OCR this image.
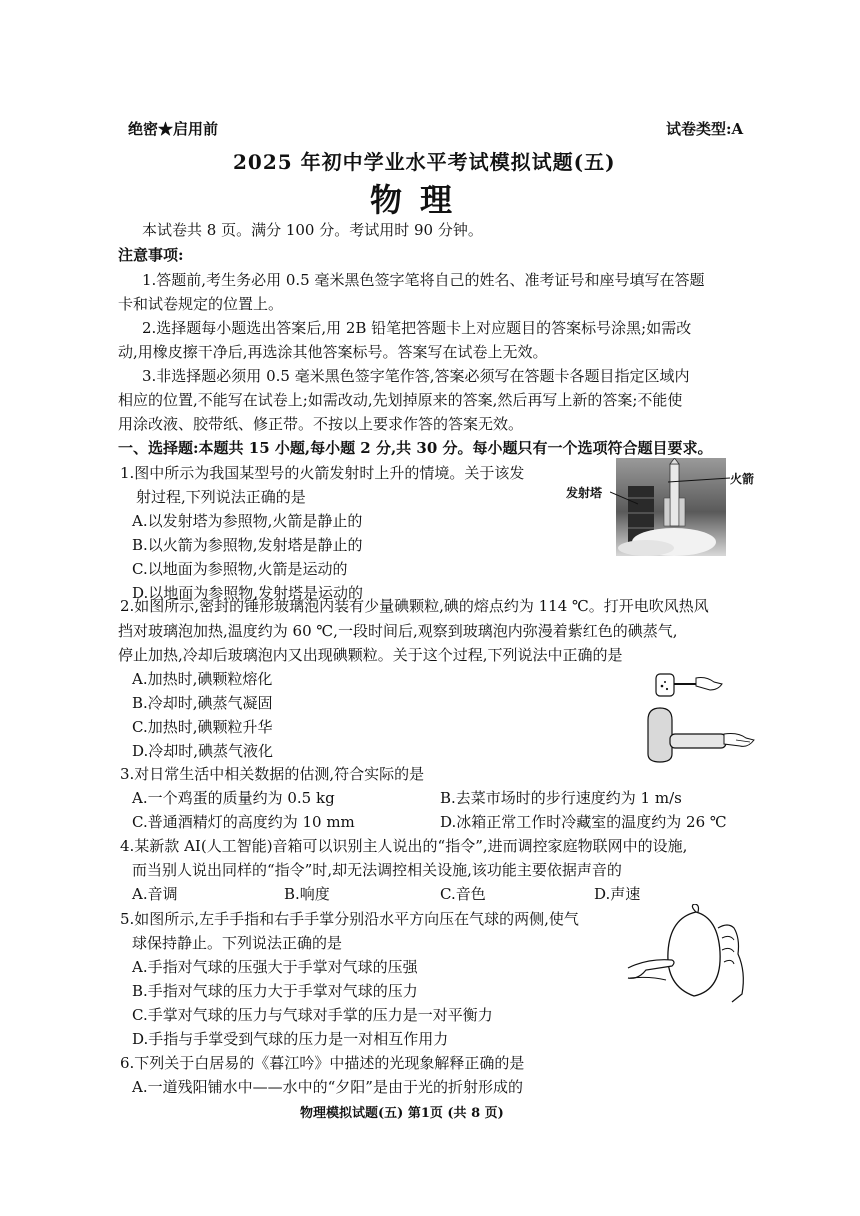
绝密★启用前	试卷类型:A
2025 年初中学业水平考试模拟试题(五)
物理
本试卷共 8 页。满分 100 分。考试用时 90 分钟。
注意事项:
1.答题前,考生务必用 0.5 毫米黑色签字笔将自己的姓名、准考证号和座号填写在答题
卡和试卷规定的位置上。
2.选择题每小题选出答案后,用 2B 铅笔把答题卡上对应题目的答案标号涂黑;如需改
动,用橡皮擦干净后,再选涂其他答案标号。答案写在试卷上无效。
3.非选择题必须用 0.5 毫米黑色签字笔作答,答案必须写在答题卡各题目指定区域内
相应的位置,不能写在试卷上;如需改动,先划掉原来的答案,然后再写上新的答案;不能使
用涂改液、胶带纸、修正带。不按以上要求作答的答案无效。
一、选择题:本题共 15 小题,每小题 2 分,共 30 分。每小题只有一个选项符合题目要求。
1.图中所示为我国某型号的火箭发射时上升的情境。关于该发
射过程,下列说法正确的是
A.以发射塔为参照物,火箭是静止的
B.以火箭为参照物,发射塔是静止的
C.以地面为参照物,火箭是运动的
D.以地面为参照物,发射塔是运动的
发射塔
火箭
2.如图所示,密封的锤形玻璃泡内装有少量碘颗粒,碘的熔点约为 114 ℃。打开电吹风热风
挡对玻璃泡加热,温度约为 60 ℃,一段时间后,观察到玻璃泡内弥漫着紫红色的碘蒸气,
停止加热,冷却后玻璃泡内又出现碘颗粒。关于这个过程,下列说法中正确的是
A.加热时,碘颗粒熔化
B.冷却时,碘蒸气凝固
C.加热时,碘颗粒升华
D.冷却时,碘蒸气液化
3.对日常生活中相关数据的估测,符合实际的是
A.一个鸡蛋的质量约为 0.5 kg	B.去菜市场时的步行速度约为 1 m/s
C.普通酒精灯的高度约为 10 mm	D.冰箱正常工作时冷藏室的温度约为 26 ℃
4.某新款 AI(人工智能)音箱可以识别主人说出的“指令”,进而调控家庭物联网中的设施,
而当别人说出同样的“指令”时,却无法调控相关设施,该功能主要依据声音的
A.音调	B.响度	C.音色	D.声速
5.如图所示,左手手指和右手手掌分别沿水平方向压在气球的两侧,使气
球保持静止。下列说法正确的是
A.手指对气球的压强大于手掌对气球的压强
B.手指对气球的压力大于手掌对气球的压力
C.手掌对气球的压力与气球对手掌的压力是一对平衡力
D.手指与手掌受到气球的压力是一对相互作用力
6.下列关于白居易的《暮江吟》中描述的光现象解释正确的是
A.一道残阳铺水中——水中的“夕阳”是由于光的折射形成的
物理模拟试题(五) 第1页 (共 8 页)
